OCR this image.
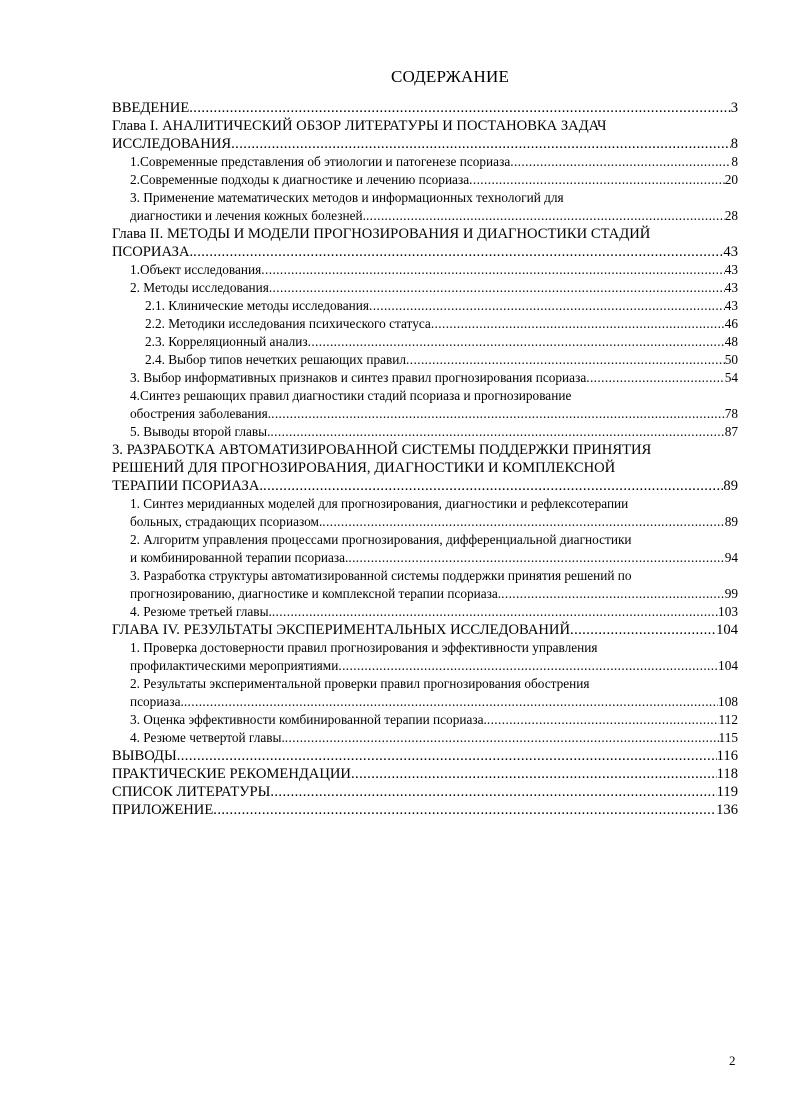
СОДЕРЖАНИЕ
ВВЕДЕНИЕ .....	3
Глава I. АНАЛИТИЧЕСКИЙ ОБЗОР ЛИТЕРАТУРЫ И ПОСТАНОВКА ЗАДАЧ
ИССЛЕДОВАНИЯ .....	8
1.Современные представления об этиологии и патогенезе псориаза .....	8
2.Современные подходы к диагностике и лечению псориаза .....	20
3. Применение математических методов и информационных технологий для
диагностики и лечения кожных болезней. .....	28
Глава II. МЕТОДЫ И МОДЕЛИ ПРОГНОЗИРОВАНИЯ И ДИАГНОСТИКИ СТАДИЙ
ПСОРИАЗА. .....	43
1.Объект исследования .....	43
2. Методы исследования .....	43
2.1. Клинические методы исследования .....	43
2.2. Методики исследования психического статуса .....	46
2.3. Корреляционный анализ .....	48
2.4. Выбор типов нечетких решающих правил .....	50
3. Выбор информативных признаков и синтез правил прогнозирования псориаза .....	54
4.Синтез решающих правил диагностики стадий псориаза и прогнозирование
обострения заболевания. .....	78
5. Выводы второй главы. .....	87
3. РАЗРАБОТКА АВТОМАТИЗИРОВАННОЙ СИСТЕМЫ ПОДДЕРЖКИ ПРИНЯТИЯ
РЕШЕНИЙ ДЛЯ ПРОГНОЗИРОВАНИЯ, ДИАГНОСТИКИ И КОМПЛЕКСНОЙ
ТЕРАПИИ ПСОРИАЗА. .....	89
1. Синтез меридианных моделей для прогнозирования, диагностики и рефлексотерапии
больных, страдающих псориазом. .....	89
2. Алгоритм управления процессами прогнозирования, дифференциальной диагностики
и комбинированной терапии псориаза. .....	94
3. Разработка структуры автоматизированной системы поддержки принятия решений по
прогнозированию, диагностике и комплексной терапии псориаза. .....	99
4. Резюме третьей главы. .....	103
ГЛАВА IV. РЕЗУЛЬТАТЫ ЭКСПЕРИМЕНТАЛЬНЫХ ИССЛЕДОВАНИЙ .....	104
1. Проверка достоверности правил прогнозирования и эффективности управления
профилактическими мероприятиями .....	104
2. Результаты экспериментальной проверки правил прогнозирования обострения
псориаза. .....	108
3. Оценка эффективности комбинированной терапии псориаза. .....	112
4. Резюме четвертой главы. .....	115
ВЫВОДЫ .....	116
ПРАКТИЧЕСКИЕ РЕКОМЕНДАЦИИ .....	118
СПИСОК ЛИТЕРАТУРЫ .....	119
ПРИЛОЖЕНИЕ .....	136
2
